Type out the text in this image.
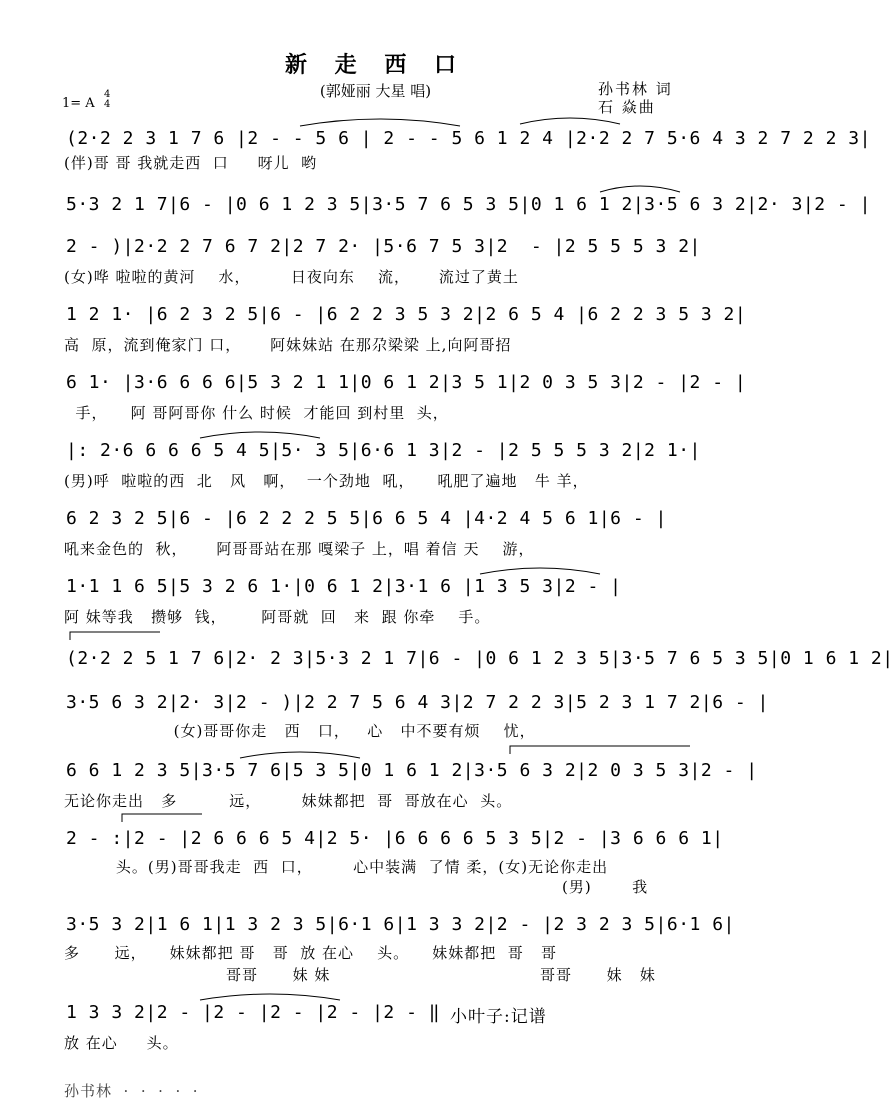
新 走 西 口
(郭娅丽 大星 唱)	孙书林 词
石 焱曲
1= A
4
4
(2·2 2 3 1 7 6 |2 - - 5 6 | 2 - - 5 6 1 2 4 |2·2 2 7 5·6 4 3 2 7 2 2 3|
(伴)哥 哥 我就走西  口     呀儿  哟
5·3 2 1 7|6 - |0 6 1 2 3 5|3·5 7 6 5 3 5|0 1 6 1 2|3·5 6 3 2|2· 3|2 - |
2 - )|2·2 2 7 6 7 2|2 7 2· |5·6 7 5 3|2  - |2 5 5 5 3 2|
(女)哗 啦啦的黄河    水，       日夜向东    流，     流过了黄土
1 2 1· |6 2 3 2 5|6 - |6 2 2 3 5 3 2|2 6 5 4 |6 2 2 3 5 3 2|
高  原，流到俺家门 口，     阿妹妹站 在那尕梁梁 上,向阿哥招
6 1· |3·6 6 6 6|5 3 2 1 1|0 6 1 2|3 5 1|2 0 3 5 3|2 - |2 - |
手，    阿 哥阿哥你 什么 时候  才能回 到村里  头，
|: 2·6 6 6 6 5 4 5|5· 3 5|6·6 1 3|2 - |2 5 5 5 3 2|2 1·|
(男)呼  啦啦的西  北   风   啊，  一个劲地  吼，    吼肥了遍地   牛 羊，
6 2 3 2 5|6 - |6 2 2 2 5 5|6 6 5 4 |4·2 4 5 6 1|6 - |
吼来金色的  秋，     阿哥哥站在那 嘎梁子 上，唱 着信 天    游，
1·1 1 6 5|5 3 2 6 1·|0 6 1 2|3·1 6 |1 3 5 3|2 - |
阿 妹等我   攒够  钱，      阿哥就  回   来  跟 你牵    手。
(2·2 2 5 1 7 6|2· 2 3|5·3 2 1 7|6 - |0 6 1 2 3 5|3·5 7 6 5 3 5|0 1 6 1 2|
3·5 6 3 2|2· 3|2 - )|2 2 7 5 6 4 3|2 7 2 2 3|5 2 3 1 7 2|6 - |
(女)哥哥你走   西   口，   心   中不要有烦    忧，
6 6 1 2 3 5|3·5 7 6|5 3 5|0 1 6 1 2|3·5 6 3 2|2 0 3 5 3|2 - |
无论你走出   多         远，       妹妹都把  哥  哥放在心  头。
2 - :|2 - |2 6 6 6 5 4|2 5· |6 6 6 6 5 3 5|2 - |3 6 6 6 1|
头。(男)哥哥我走  西  口，       心中装满  了情 柔，(女)无论你走出
(男)       我
3·5 3 2|1 6 1|1 3 2 3 5|6·1 6|1 3 3 2|2 - |2 3 2 3 5|6·1 6|
多      远，    妹妹都把 哥   哥  放 在心    头。    妹妹都把  哥   哥
哥哥      妹 妹	哥哥      妹   妹
1 3 3 2|2 - |2 - |2 - |2 - |2 - ‖
放 在心     头。
小叶子:记谱
孙书林  ·  ·  ·  ·  ·
